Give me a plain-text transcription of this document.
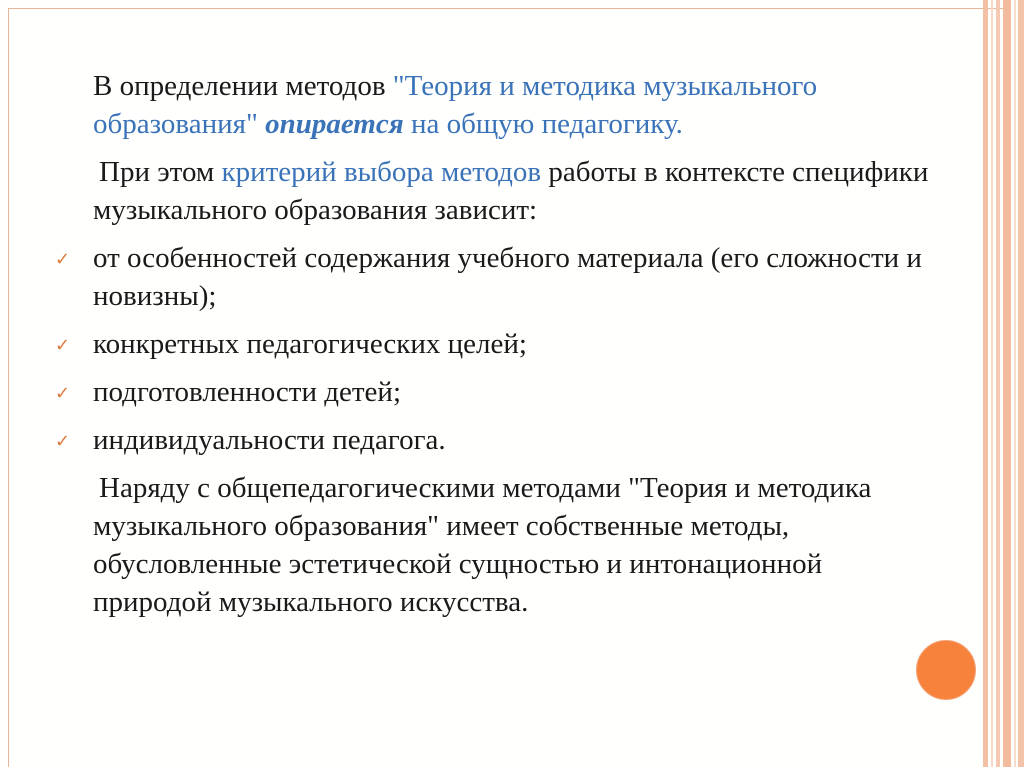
В определении методов "Теория и методика музыкального образования" опирается на общую педагогику.

При этом критерий выбора методов работы в контексте специфики музыкального образования зависит:

✓ от особенностей содержания учебного материала (его сложности и новизны);
✓ конкретных педагогических целей;
✓ подготовленности детей;
✓ индивидуальности педагога.

Наряду с общепедагогическими методами "Теория и методика музыкального образования" имеет собственные методы, обусловленные эстетической сущностью и интонационной природой музыкального искусства.
